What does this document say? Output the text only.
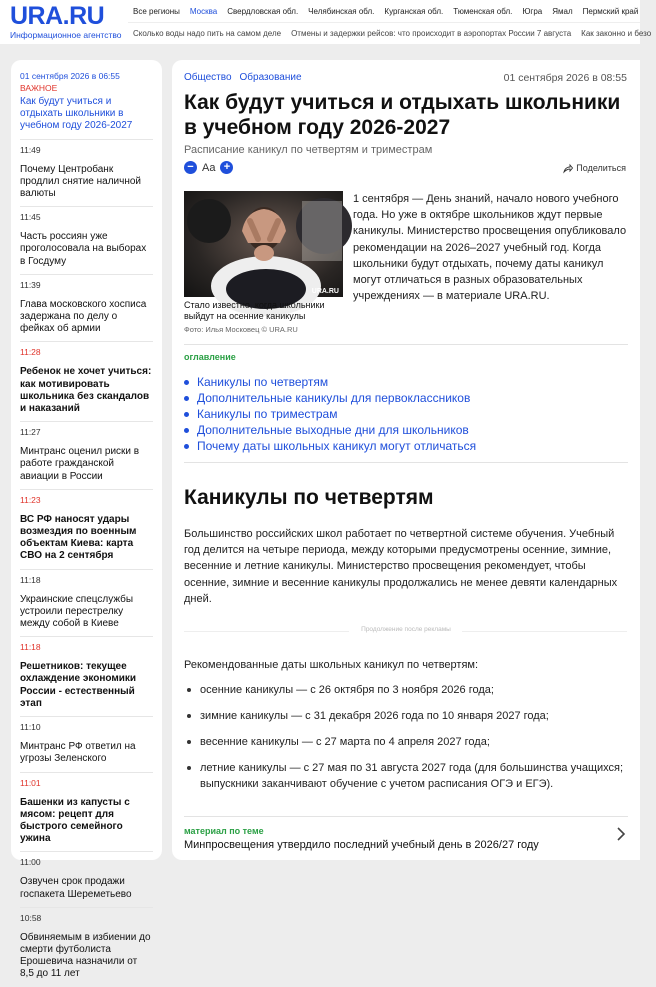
URA.RU
Информационное агентство
Все регионы	Москва	Свердловская обл.	Челябинская обл.	Курганская обл.	Тюменская обл.	Югра	Ямал	Пермский край
Сколько воды надо пить на самом деле	Отмены и задержки рейсов: что происходит в аэропортах России 7 августа	Как законно и безо
01 сентября 2026 в 06:55
ВАЖНОЕ
Как будут учиться и отдыхать школьники в учебном году 2026-2027
11:49
Почему Центробанк продлил снятие наличной валюты
11:45
Часть россиян уже проголосовала на выборах в Госдуму
11:39
Глава московского хосписа задержана по делу о фейках об армии
11:28
Ребенок не хочет учиться: как мотивировать школьника без скандалов и наказаний
11:27
Минтранс оценил риски в работе гражданской авиации в России
11:23
ВС РФ наносят удары возмездия по военным объектам Киева: карта СВО на 2 сентября
11:18
Украинские спецслужбы устроили перестрелку между собой в Киеве
11:18
Решетников: текущее охлаждение экономики России - естественный этап
11:10
Минтранс РФ ответил на угрозы Зеленского
11:01
Башенки из капусты с мясом: рецепт для быстрого семейного ужина
11:00
Озвучен срок продажи госпакета Шереметьево
10:58
Обвиняемым в избиении до смерти футболиста Ерошевича назначили от 8,5 до 11 лет
Общество Образование	01 сентября 2026 в 08:55
Как будут учиться и отдыхать школьники в учебном году 2026-2027
Расписание каникул по четвертям и триместрам
− Aa +	Поделиться
URA.RU
Стало известно, когда школьники выйдут на осенние каникулы
Фото: Илья Московец © URA.RU

1 сентября — День знаний, начало нового учебного года. Но уже в октябре школьников ждут первые каникулы. Министерство просвещения опубликовало рекомендации на 2026–2027 учебный год. Когда школьники будут отдыхать, почему даты каникул могут отличаться в разных образовательных учреждениях — в материале URA.RU.

оглавление
Каникулы по четвертям
Дополнительные каникулы для первоклассников
Каникулы по триместрам
Дополнительные выходные дни для школьников
Почему даты школьных каникул могут отличаться
Каникулы по четвертям

Большинство российских школ работает по четвертной системе обучения. Учебный год делится на четыре периода, между которыми предусмотрены осенние, зимние, весенние и летние каникулы. Министерство просвещения рекомендует, чтобы осенние, зимние и весенние каникулы продолжались не менее девяти календарных дней.

Продолжение после рекламы

Рекомендованные даты школьных каникул по четвертям:

осенние каникулы — с 26 октября по 3 ноября 2026 года;
зимние каникулы — с 31 декабря 2026 года по 10 января 2027 года;
весенние каникулы — с 27 марта по 4 апреля 2027 года;
летние каникулы — с 27 мая по 31 августа 2027 года (для большинства учащихся; выпускники заканчивают обучение с учетом расписания ОГЭ и ЕГЭ).
материал по теме
Минпросвещения утвердило последний учебный день в 2026/27 году
